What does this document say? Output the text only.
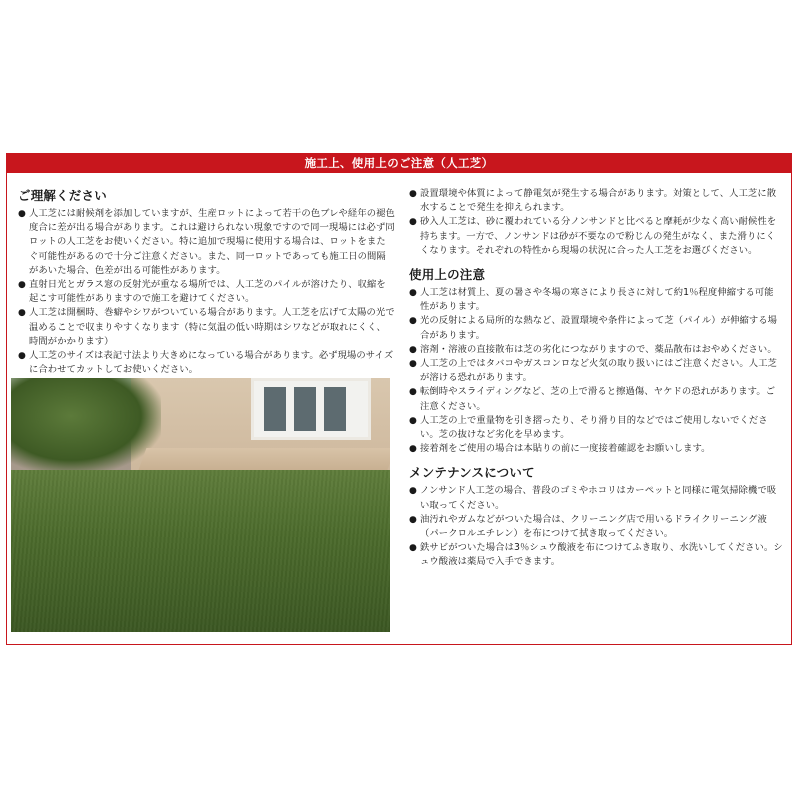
施工上、使用上のご注意（人工芝）
ご理解ください
● 人工芝には耐候剤を添加していますが、生産ロットによって若干の色ブレや経年の褪色度合に差が出る場合があります。これは避けられない現象ですので同一現場には必ず同ロットの人工芝をお使いください。特に追加で現場に使用する場合は、ロットをまたぐ可能性があるので十分ご注意ください。また、同一ロットであっても施工日の間隔があいた場合、色差が出る可能性があります。
● 直射日光とガラス窓の反射光が重なる場所では、人工芝のパイルが溶けたり、収縮を起こす可能性がありますので施工を避けてください。
● 人工芝は開梱時、巻癖やシワがついている場合があります。人工芝を広げて太陽の光で温めることで収まりやすくなります（特に気温の低い時期はシワなどが取れにくく、時間がかかります）
● 人工芝のサイズは表記寸法より大きめになっている場合があります。必ず現場のサイズに合わせてカットしてお使いください。
● 設置環境や体質によって静電気が発生する場合があります。対策として、人工芝に散水することで発生を抑えられます。
● 砂入人工芝は、砂に覆われている分ノンサンドと比べると摩耗が少なく高い耐候性を持ちます。一方で、ノンサンドは砂が不要なので粉じんの発生がなく、また滑りにくくなります。それぞれの特性から現場の状況に合った人工芝をお選びください。
使用上の注意
● 人工芝は材質上、夏の暑さや冬場の寒さにより長さに対して約1％程度伸縮する可能性があります。
● 光の反射による局所的な熱など、設置環境や条件によって芝（パイル）が伸縮する場合があります。
● 溶剤・溶液の直接散布は芝の劣化につながりますので、薬品散布はおやめください。
● 人工芝の上ではタバコやガスコンロなど火気の取り扱いにはご注意ください。人工芝が溶ける恐れがあります。
● 転倒時やスライディングなど、芝の上で滑ると擦過傷、ヤケドの恐れがあります。ご注意ください。
● 人工芝の上で重量物を引き摺ったり、そり滑り目的などではご使用しないでください。芝の抜けなど劣化を早めます。
● 接着剤をご使用の場合は本貼りの前に一度接着確認をお願いします。
メンテナンスについて
● ノンサンド人工芝の場合、普段のゴミやホコリはカーペットと同様に電気掃除機で吸い取ってください。
● 油汚れやガムなどがついた場合は、クリーニング店で用いるドライクリーニング液（パークロルエチレン）を布につけて拭き取ってください。
● 鉄サビがついた場合は3％シュウ酸液を布につけてふき取り、水洗いしてください。シュウ酸液は薬局で入手できます。
